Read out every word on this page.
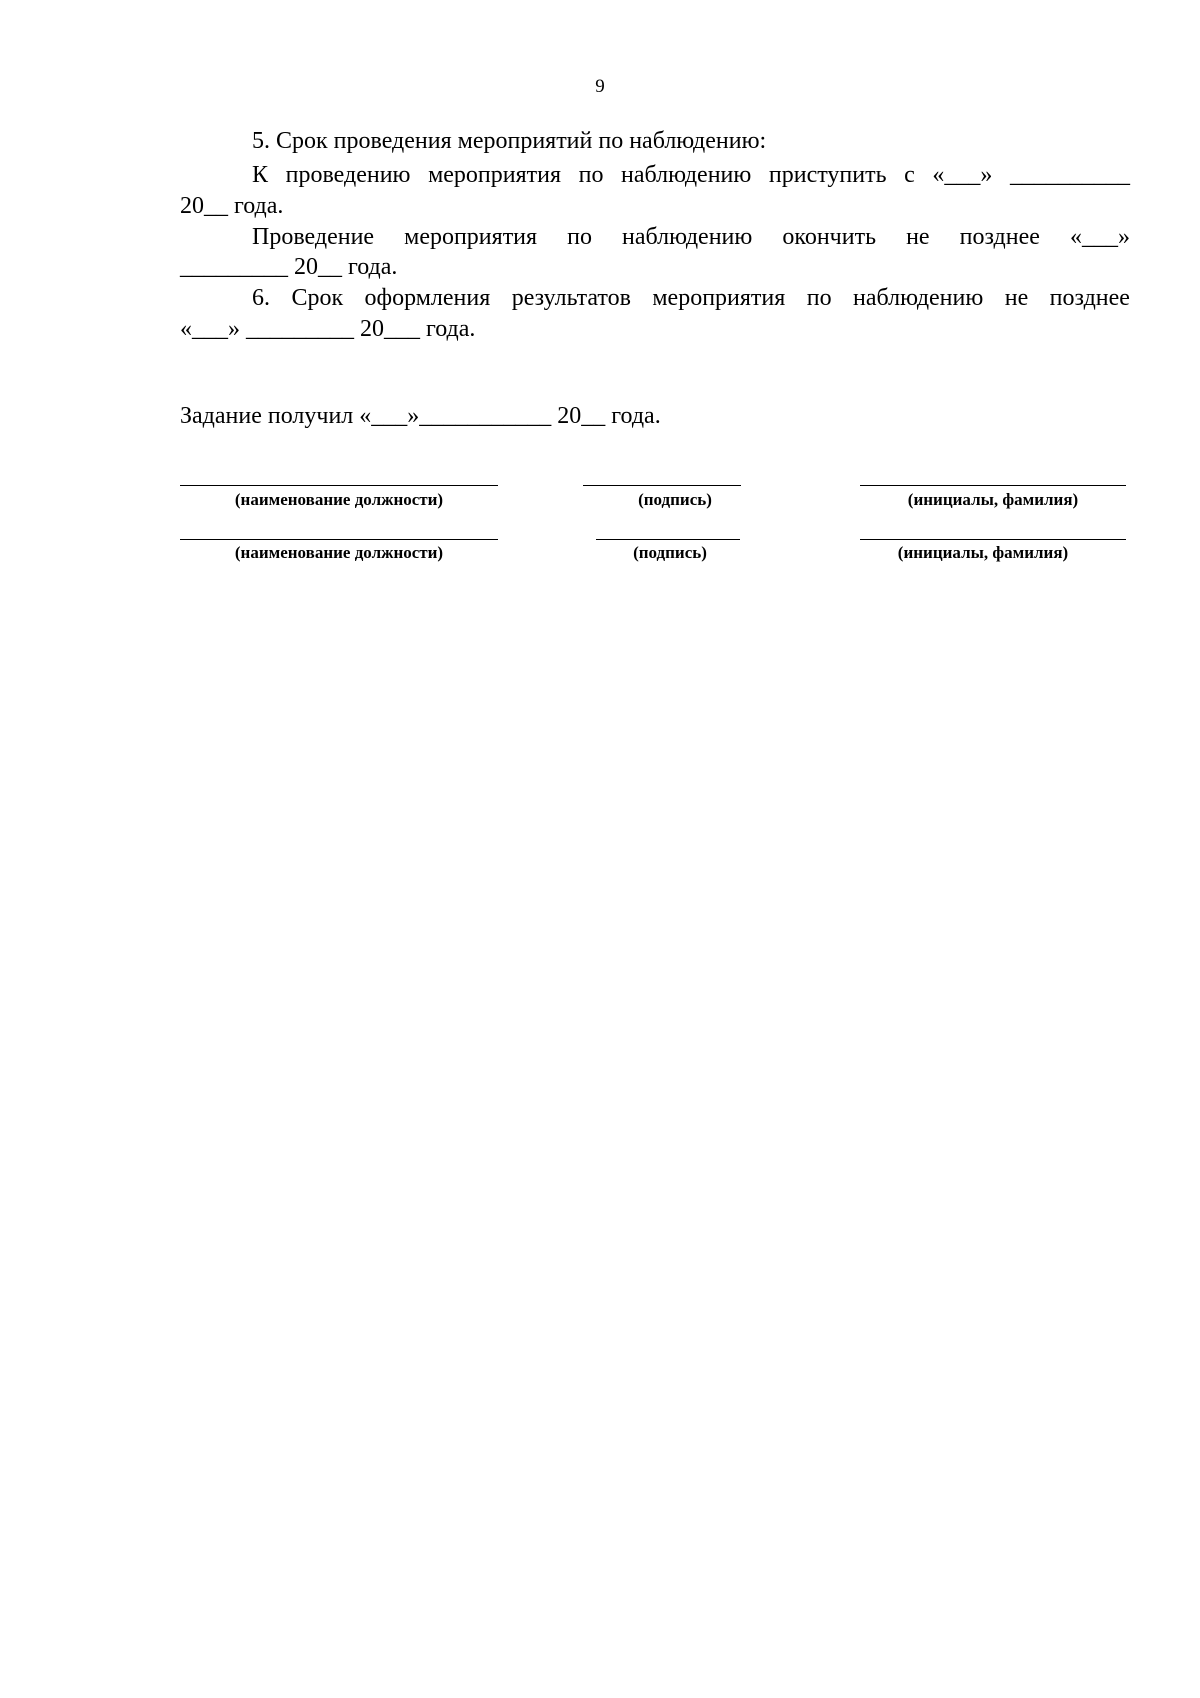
9
5. Срок проведения мероприятий по наблюдению:
К проведению мероприятия по наблюдению приступить с «___» __________
20__ года.
Проведение мероприятия по наблюдению окончить не позднее «___»
_________ 20__ года.
6. Срок оформления результатов мероприятия по наблюдению не позднее
«___» _________ 20___ года.
Задание получил «___»___________ 20__ года.
(наименование должности)	(подпись)	(инициалы, фамилия)
(наименование должности)	(подпись)	(инициалы, фамилия)
